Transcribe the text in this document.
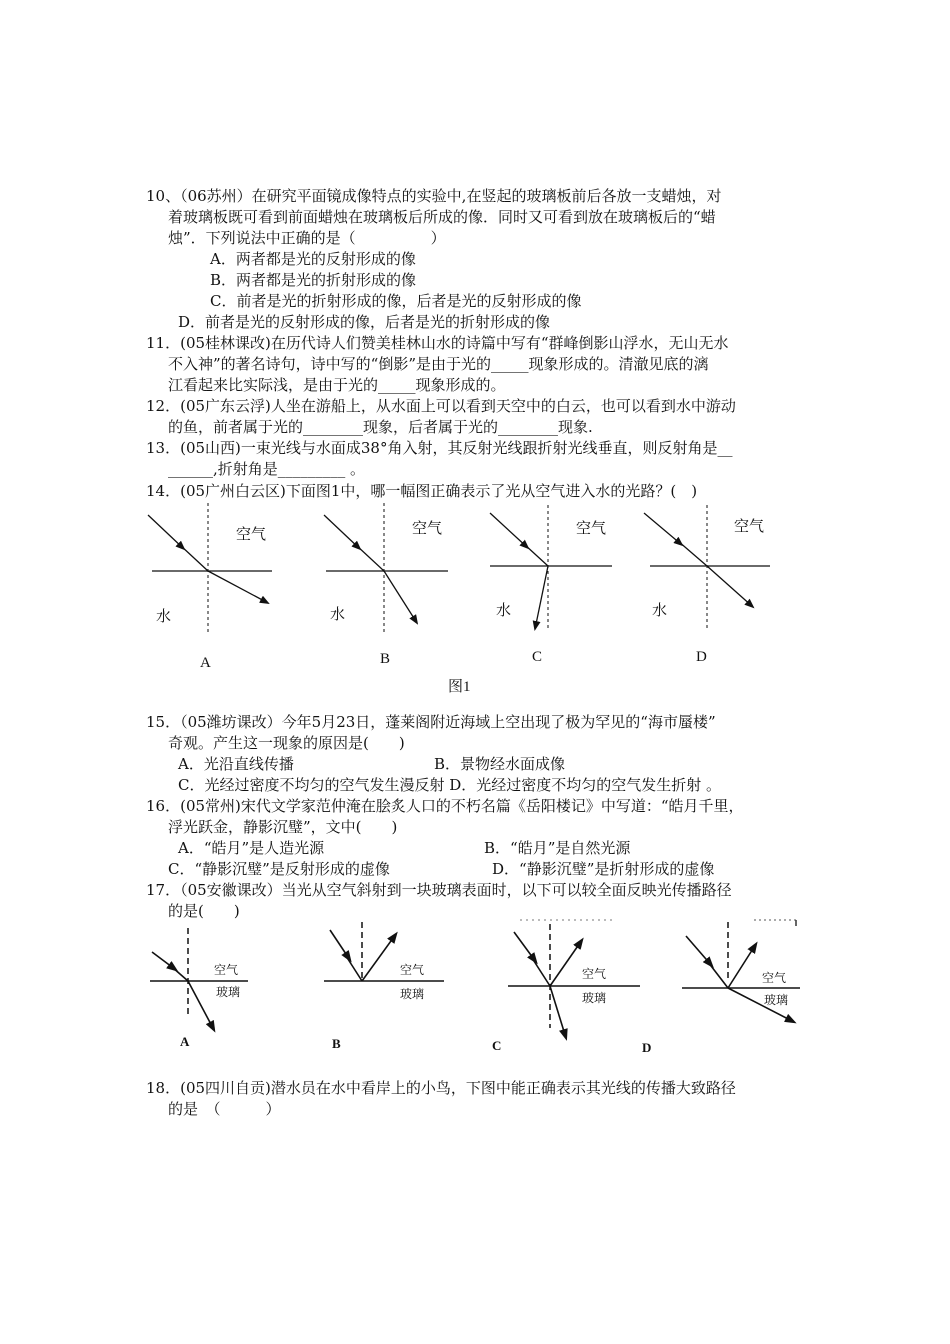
10、（06苏州）在研究平面镜成像特点的实验中,在竖起的玻璃板前后各放一支蜡烛，对
着玻璃板既可看到前面蜡烛在玻璃板后所成的像．同时又可看到放在玻璃板后的“蜡
烛”．下列说法中正确的是（　　　　　）
A．两者都是光的反射形成的像
B．两者都是光的折射形成的像
C．前者是光的折射形成的像，后者是光的反射形成的像
D．前者是光的反射形成的像，后者是光的折射形成的像
11．(05桂林课改)在历代诗人们赞美桂林山水的诗篇中写有“群峰倒影山浮水，无山无水
不入神”的著名诗句，诗中写的“倒影”是由于光的_____现象形成的。清澈见底的漓
江看起来比实际浅，是由于光的_____现象形成的。
12．(05广东云浮)人坐在游船上，从水面上可以看到天空中的白云，也可以看到水中游动
的鱼，前者属于光的________现象，后者属于光的________现象.
13．(05山西)一束光线与水面成38°角入射，其反射光线跟折射光线垂直，则反射角是__
______,折射角是_________ 。
14．(05广州白云区)下面图1中，哪一幅图正确表示了光从空气进入水的光路？(　)
空气
水
A
空气
水
B
空气
水
C
空气
水
D
图1
15．（05潍坊课改）今年5月23日，蓬莱阁附近海域上空出现了极为罕见的“海市蜃楼”
奇观。产生这一现象的原因是(　　)
A．光沿直线传播	B．景物经水面成像
C．光经过密度不均匀的空气发生漫反射 D．光经过密度不均匀的空气发生折射 。
16．(05常州)宋代文学家范仲淹在脍炙人口的不朽名篇《岳阳楼记》中写道：“皓月千里，
浮光跃金，静影沉璧”，文中(　　)
A．“皓月”是人造光源	B．“皓月”是自然光源
C．“静影沉璧”是反射形成的虚像	D．“静影沉璧”是折射形成的虚像
17．（05安徽课改）当光从空气斜射到一块玻璃表面时，以下可以较全面反映光传播路径
的是(　　)
空气
玻璃
A
空气
玻璃
B
空气
玻璃
C
空气
玻璃
D
18．(05四川自贡)潜水员在水中看岸上的小鸟，下图中能正确表示其光线的传播大致路径
的是　（　　　）
